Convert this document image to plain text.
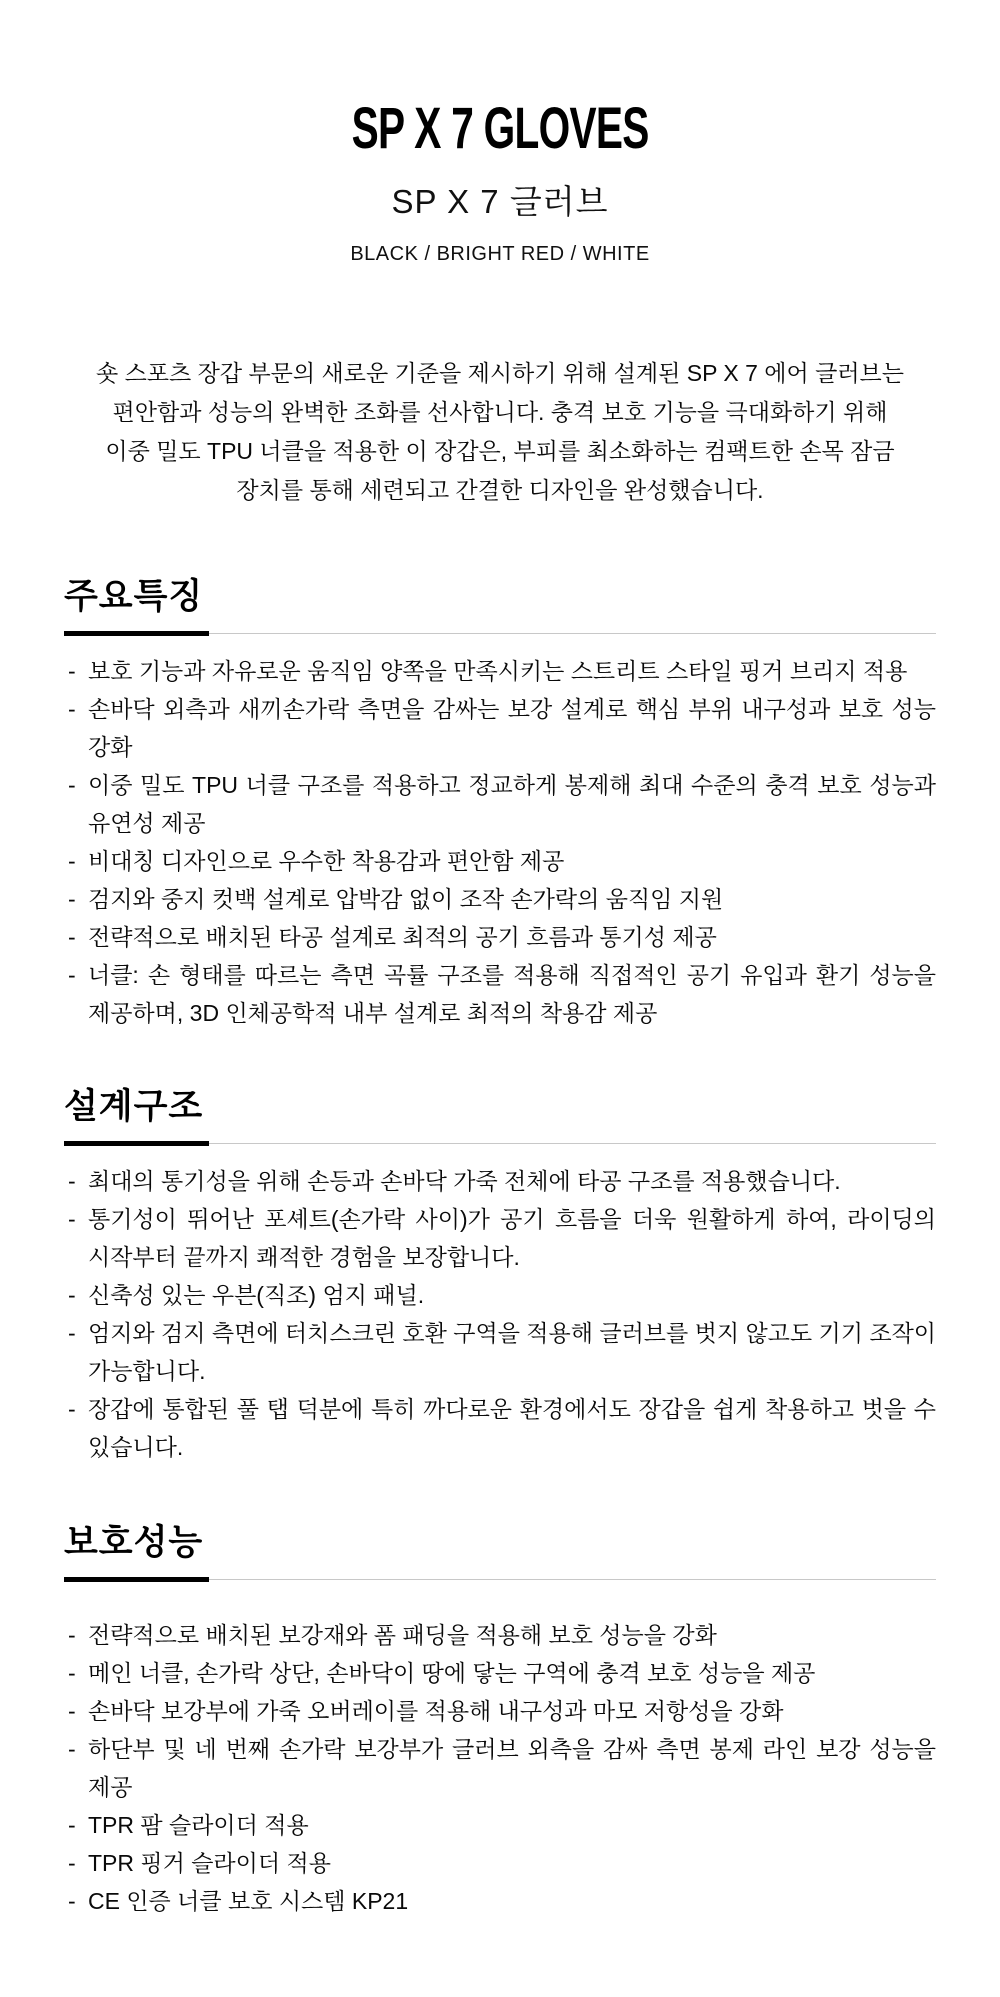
SP X 7 GLOVES
SP X 7 글러브
BLACK / BRIGHT RED / WHITE
숏 스포츠 장갑 부문의 새로운 기준을 제시하기 위해 설계된 SP X 7 에어 글러브는
편안함과 성능의 완벽한 조화를 선사합니다. 충격 보호 기능을 극대화하기 위해
이중 밀도 TPU 너클을 적용한 이 장갑은, 부피를 최소화하는 컴팩트한 손목 잠금
장치를 통해 세련되고 간결한 디자인을 완성했습니다.
주요특징
- 보호 기능과 자유로운 움직임 양쪽을 만족시키는 스트리트 스타일 핑거 브리지 적용
- 손바닥 외측과 새끼손가락 측면을 감싸는 보강 설계로 핵심 부위 내구성과 보호 성능 강화
- 이중 밀도 TPU 너클 구조를 적용하고 정교하게 봉제해 최대 수준의 충격 보호 성능과 유연성 제공
- 비대칭 디자인으로 우수한 착용감과 편안함 제공
- 검지와 중지 컷백 설계로 압박감 없이 조작 손가락의 움직임 지원
- 전략적으로 배치된 타공 설계로 최적의 공기 흐름과 통기성 제공
- 너클: 손 형태를 따르는 측면 곡률 구조를 적용해 직접적인 공기 유입과 환기 성능을 제공하며, 3D 인체공학적 내부 설계로 최적의 착용감 제공
설계구조
- 최대의 통기성을 위해 손등과 손바닥 가죽 전체에 타공 구조를 적용했습니다.
- 통기성이 뛰어난 포셰트(손가락 사이)가 공기 흐름을 더욱 원활하게 하여, 라이딩의 시작부터 끝까지 쾌적한 경험을 보장합니다.
- 신축성 있는 우븐(직조) 엄지 패널.
- 엄지와 검지 측면에 터치스크린 호환 구역을 적용해 글러브를 벗지 않고도 기기 조작이 가능합니다.
- 장갑에 통합된 풀 탭 덕분에 특히 까다로운 환경에서도 장갑을 쉽게 착용하고 벗을 수 있습니다.
보호성능
- 전략적으로 배치된 보강재와 폼 패딩을 적용해 보호 성능을 강화
- 메인 너클, 손가락 상단, 손바닥이 땅에 닿는 구역에 충격 보호 성능을 제공
- 손바닥 보강부에 가죽 오버레이를 적용해 내구성과 마모 저항성을 강화
- 하단부 및 네 번째 손가락 보강부가 글러브 외측을 감싸 측면 봉제 라인 보강 성능을 제공
- TPR 팜 슬라이더 적용
- TPR 핑거 슬라이더 적용
- CE 인증 너클 보호 시스템 KP21
